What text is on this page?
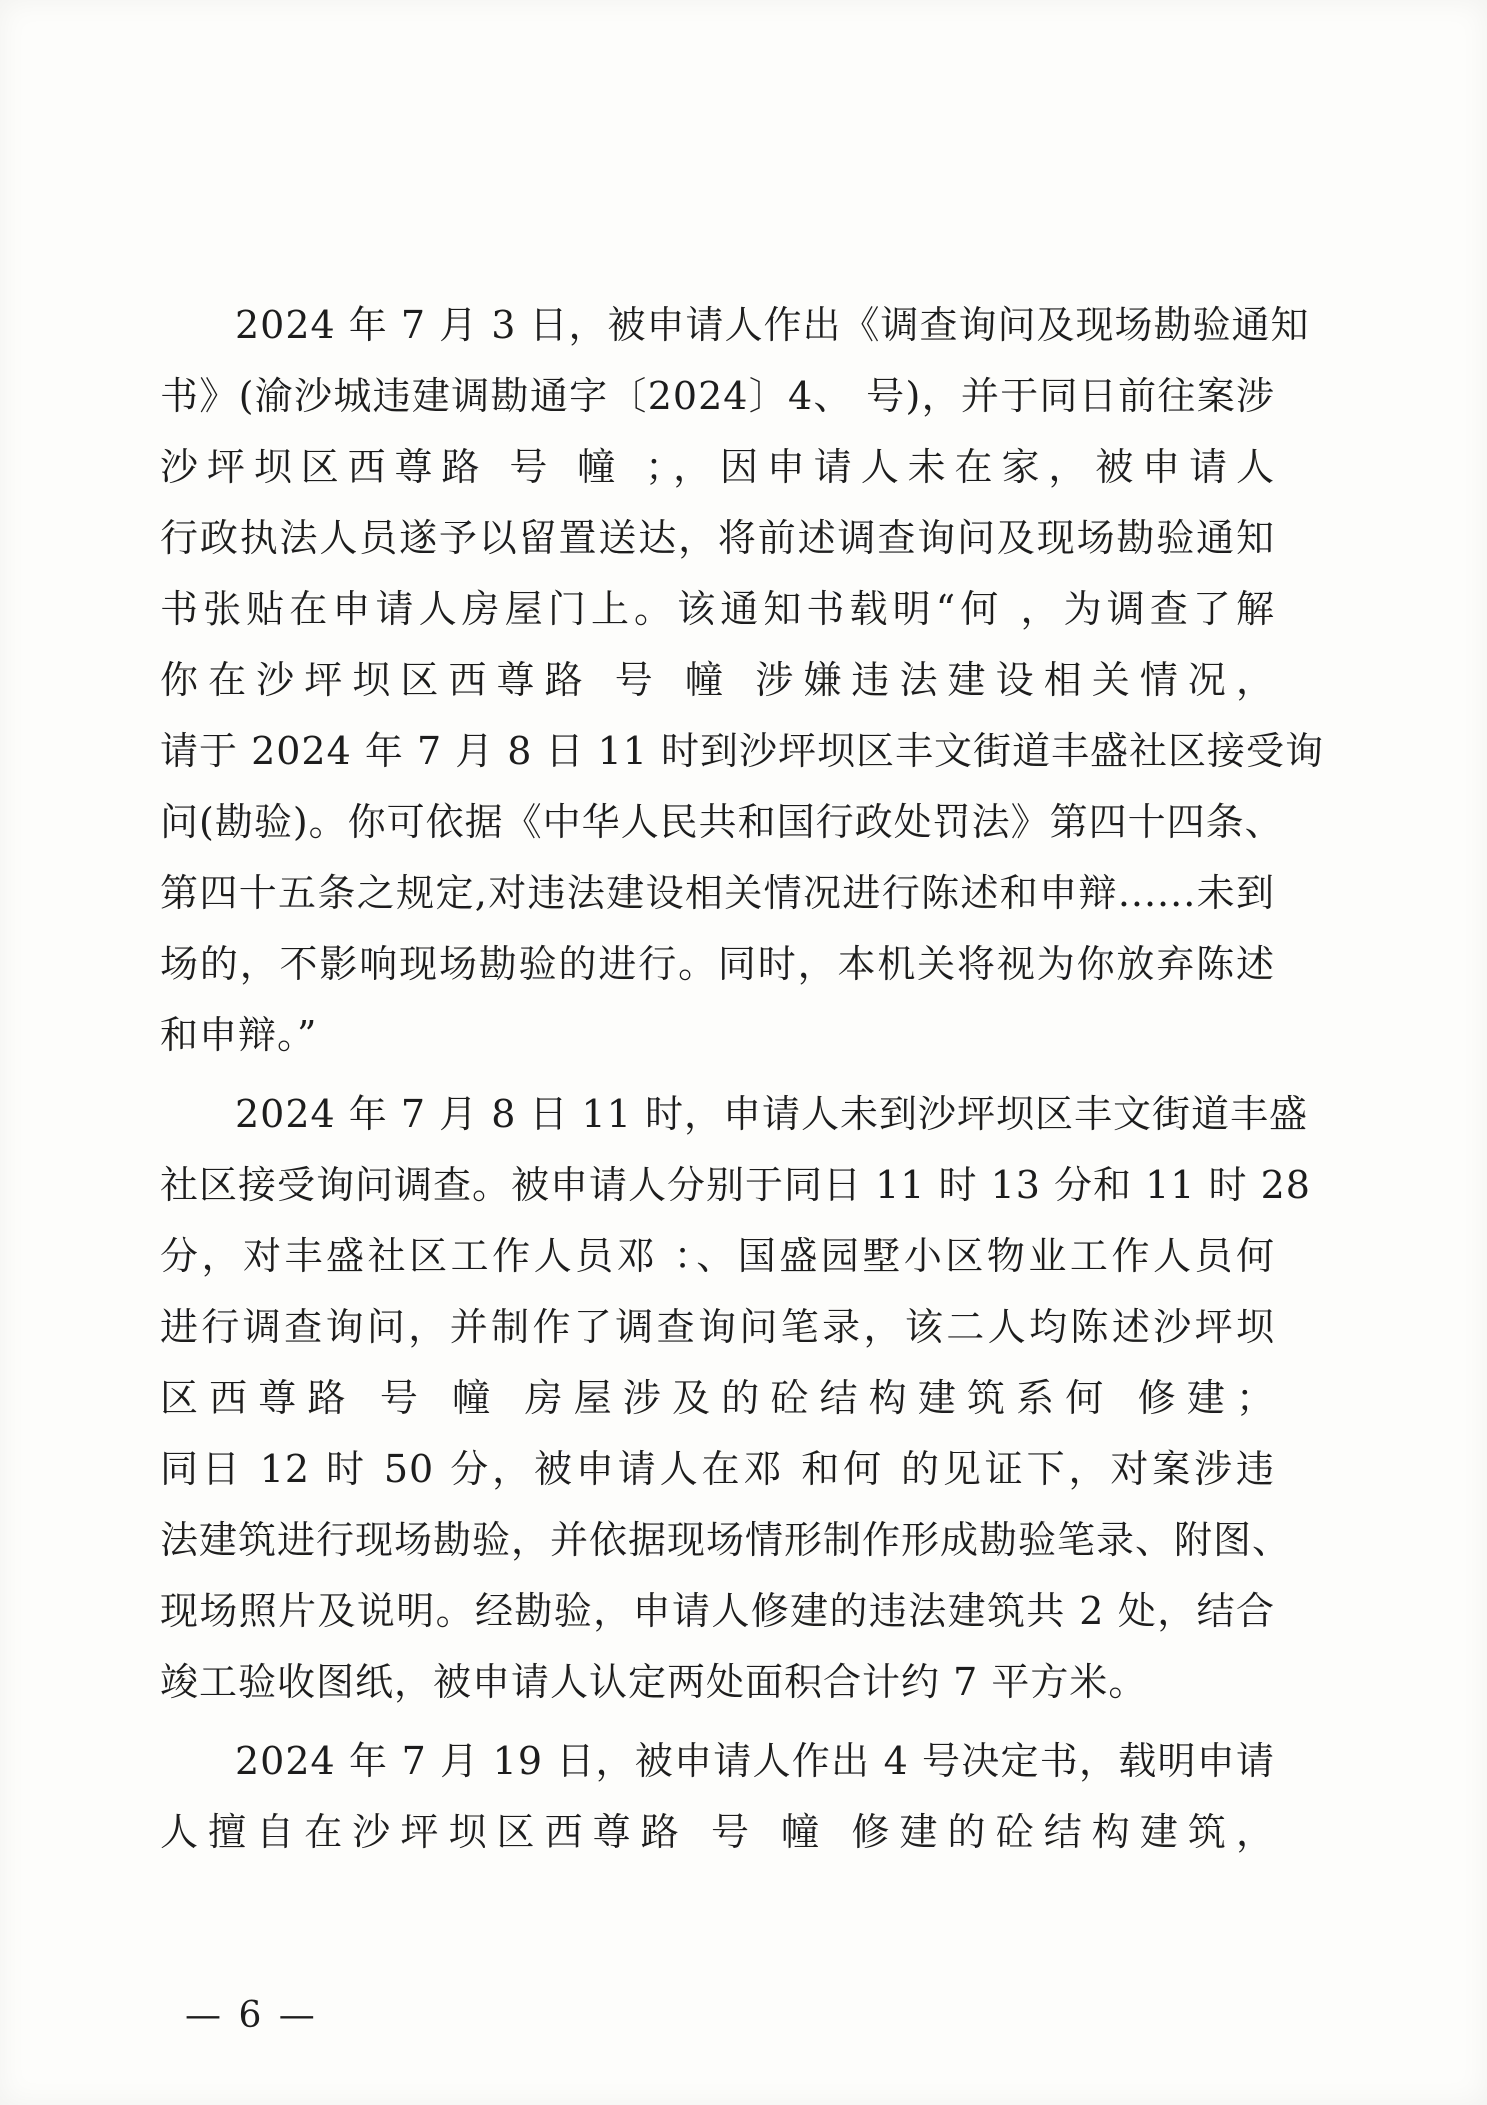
2024 年 7 月 3 日，被申请人作出《调查询问及现场勘验通知
书》(渝沙城违建调勘通字〔2024〕4、 号)，并于同日前往案涉
沙坪坝区西尊路 号 幢 ；，因申请人未在家，被申请人
行政执法人员遂予以留置送达，将前述调查询问及现场勘验通知
书张贴在申请人房屋门上。该通知书载明“何 ，为调查了解
你在沙坪坝区西尊路 号 幢 涉嫌违法建设相关情况，
请于 2024 年 7 月 8 日 11 时到沙坪坝区丰文街道丰盛社区接受询
问(勘验)。你可依据《中华人民共和国行政处罚法》第四十四条、
第四十五条之规定,对违法建设相关情况进行陈述和申辩......未到
场的，不影响现场勘验的进行。同时，本机关将视为你放弃陈述
和申辩。”
2024 年 7 月 8 日 11 时，申请人未到沙坪坝区丰文街道丰盛
社区接受询问调查。被申请人分别于同日 11 时 13 分和 11 时 28
分，对丰盛社区工作人员邓 ：、国盛园墅小区物业工作人员何
进行调查询问，并制作了调查询问笔录，该二人均陈述沙坪坝
区西尊路 号 幢 房屋涉及的砼结构建筑系何 修建；
同日 12 时 50 分，被申请人在邓 和何 的见证下，对案涉违
法建筑进行现场勘验，并依据现场情形制作形成勘验笔录、附图、
现场照片及说明。经勘验，申请人修建的违法建筑共 2 处，结合
竣工验收图纸，被申请人认定两处面积合计约 7 平方米。
2024 年 7 月 19 日，被申请人作出 4 号决定书，载明申请
人擅自在沙坪坝区西尊路 号 幢 修建的砼结构建筑，
— 6 —
